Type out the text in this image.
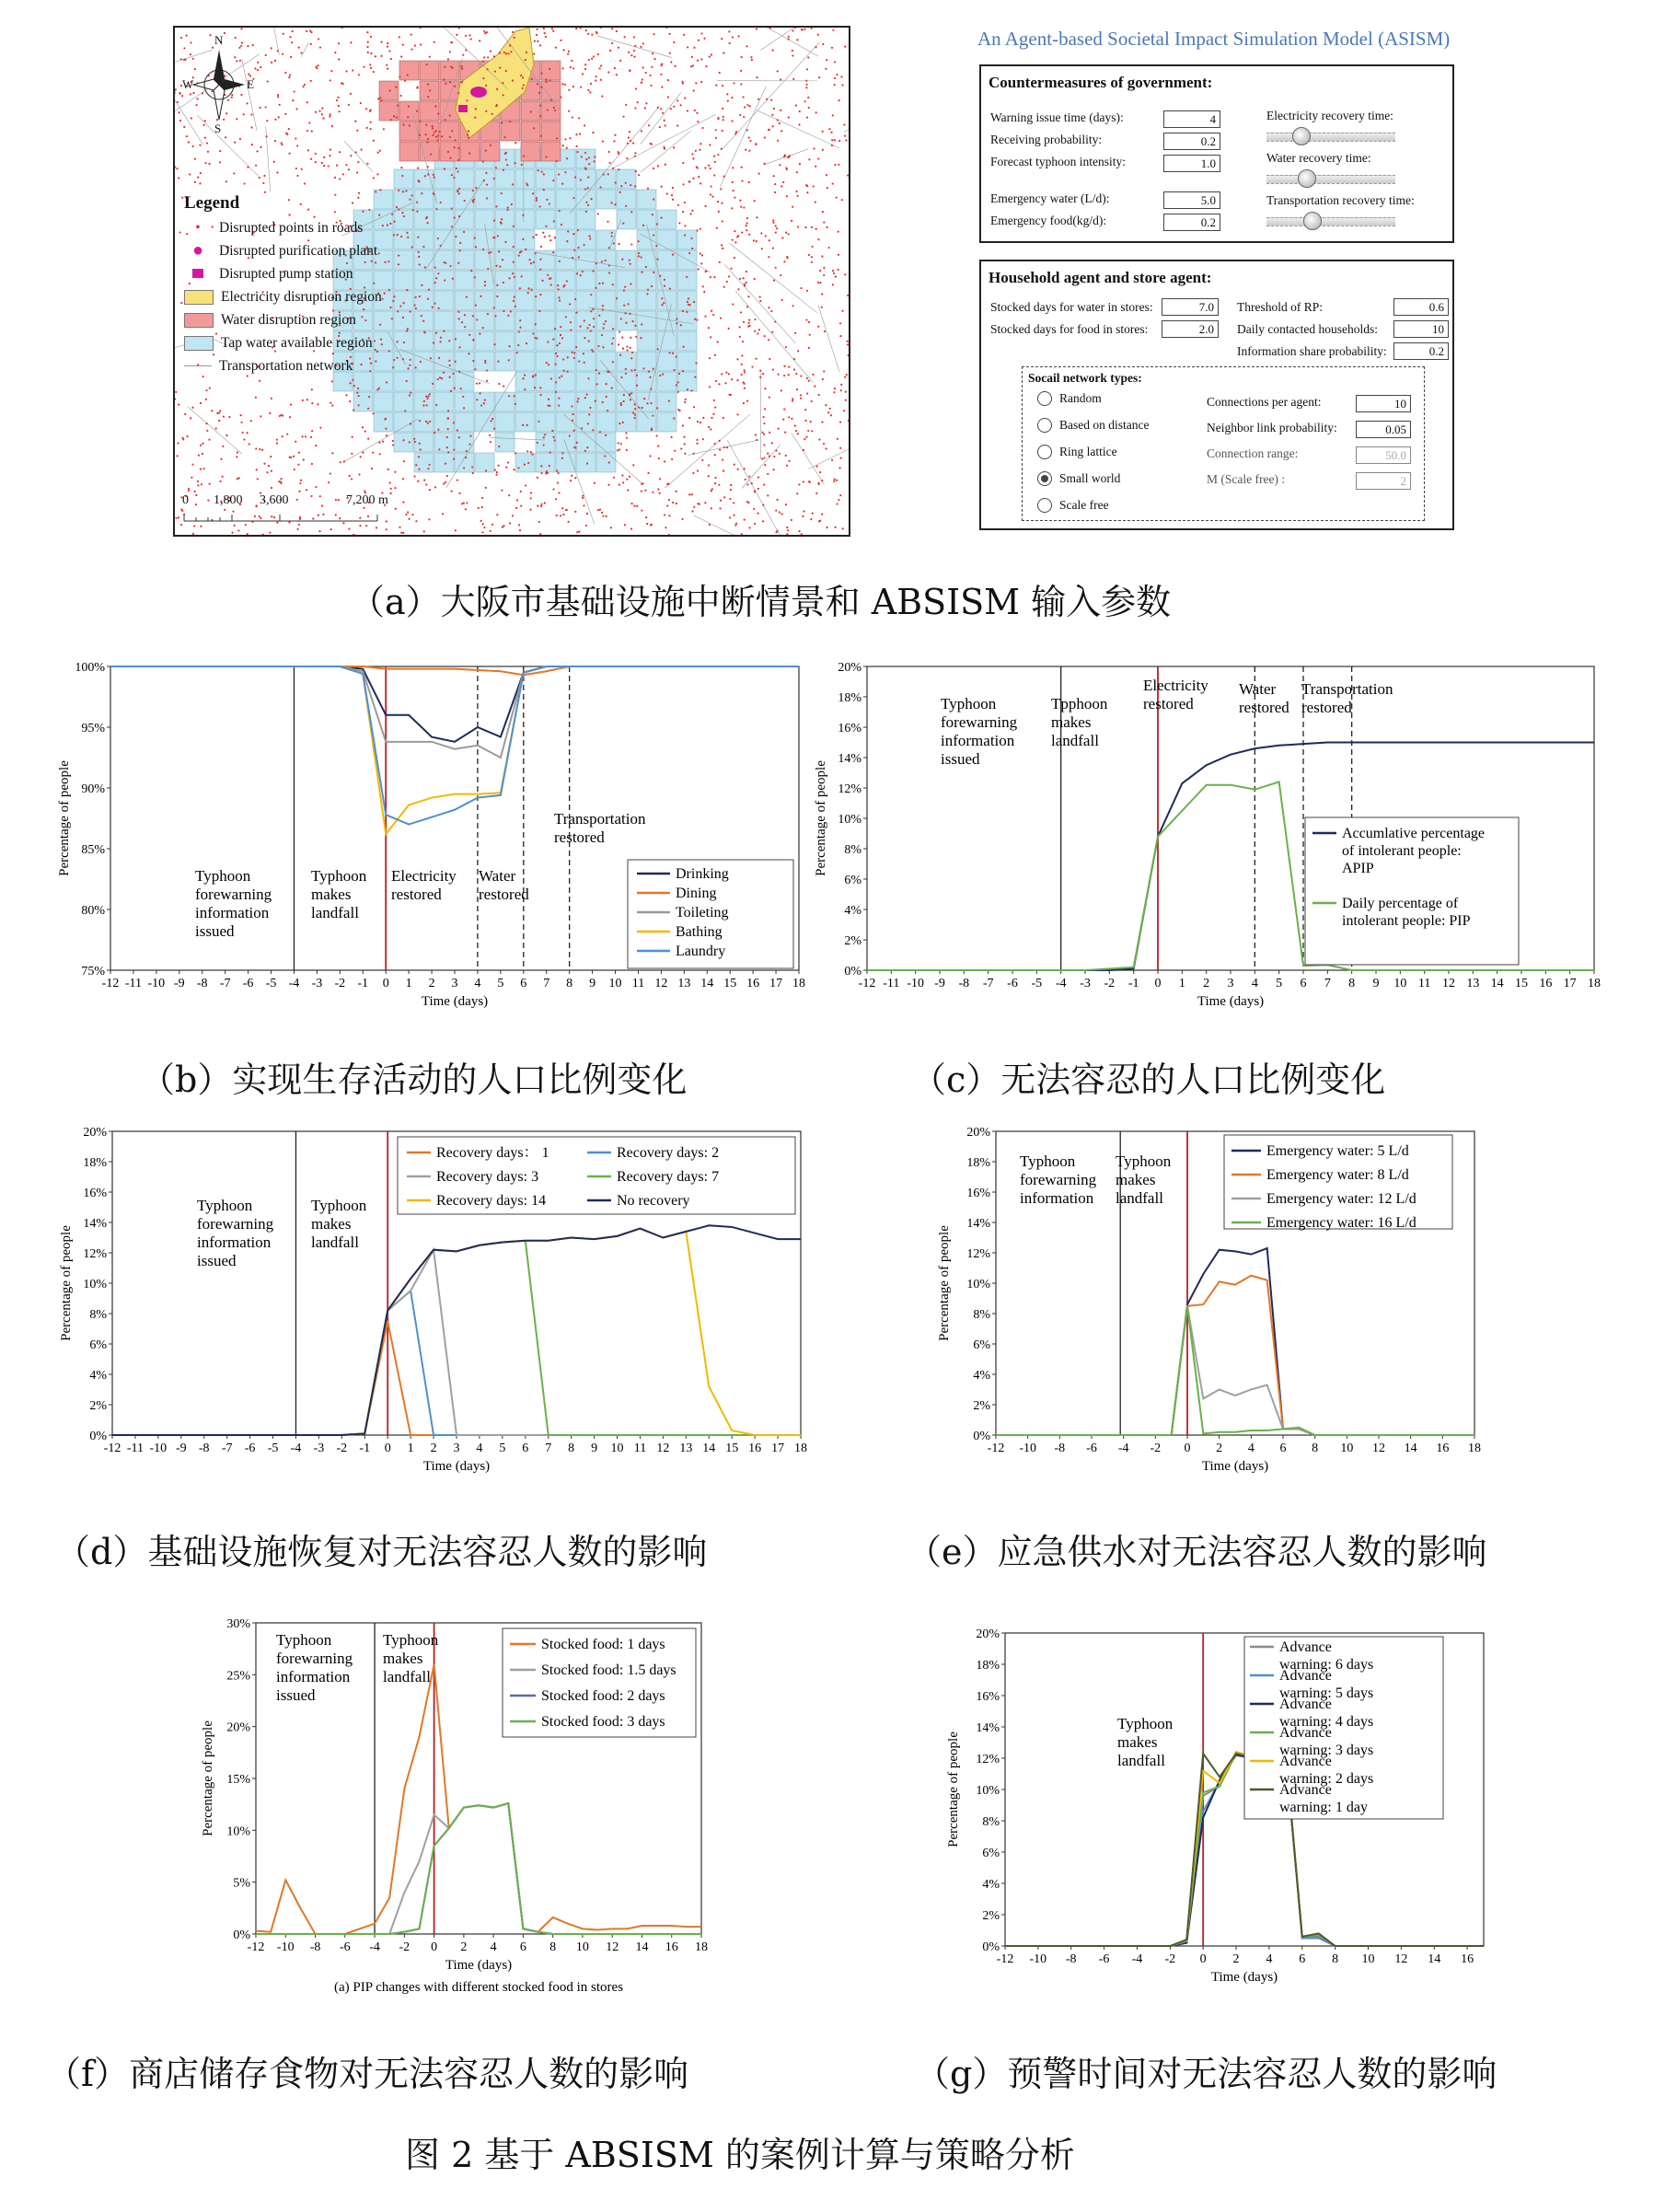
N
S
W	E
Legend
•	Disrupted points in roads
●	Disrupted purification plant
Disrupted pump station
Electricity disruption region
Water disruption region
Tap water available region
Transportation network
0 1,800 3,600	7,200 m
An Agent-based Societal Impact Simulation Model (ASISM)
Countermeasures of government:
Warning issue time (days):	4
Receiving probability:	0.2
Forecast typhoon intensity:	1.0
Emergency water (L/d):	5.0
Emergency food(kg/d):	0.2
Electricity recovery time:
Water recovery time:
Transportation recovery time:
Household agent and store agent:
Stocked days for water in stores:	7.0
Stocked days for food in stores:	2.0
Threshold of RP:	0.6
Daily contacted households:	10
Information share probability:	0.2
Socail network types:
Random
Based on distance
Ring lattice
Small world
Scale free
Connections per agent:	10
Neighbor link probability:	0.05
Connection range:	50.0
M (Scale free) :	2
（a）大阪市基础设施中断情景和 ABSISM 输入参数
75%
80%
85%
90%
95%
100%
-12 -11 -10 -9 -8 -7 -6 -5 -4 -3 -2 -1 0 1 2 3 4 5 6 7 8 9 10 11 12 13 14 15 16 17 18
Time (days)
Percentage of people	Typhoon forewarning information issued
Typhoon makes landfall
Electricity restored
Water restored
Transportation restored
Drinking
Dining
Toileting
Bathing
Laundry
0%
2%
4%
6%
8%
10%
12%
14%
16%
18%
20%
-12 -11 -10 -9 -8 -7 -6 -5 -4 -3 -2 -1 0 1 2 3 4 5 6 7 8 9 10 11 12 13 14 15 16 17 18
Time (days)
Percentage of people
Typhoon forewarning information issued
Tpphoon makes landfall
Electricity restored
Water restored
Transportation restored
Accumlative percentage of intolerant people: APIP
Daily percentage of intolerant people: PIP
（b）实现生存活动的人口比例变化	（c）无法容忍的人口比例变化
0%
2%
4%
6%
8%
10%
12%
14%
16%
18%
20%
-12 -11 -10 -9 -8 -7 -6 -5 -4 -3 -2 -1 0 1 2 3 4 5 6 7 8 9 10 11 12 13 14 15 16 17 18
Time (days)
Percentage of people
Typhoon forewarning information issued
Typhoon makes landfall
Recovery days： 1	Recovery days: 2
Recovery days: 3	Recovery days: 7
Recovery days: 14	No recovery
0%
2%
4%
6%
8%
10%
12%
14%
16%
18%
20%
-12 -10 -8 -6 -4 -2 0 2 4 6 8 10 12 14 16 18
Time (days)
Percentage of people
Typhoon forewarning information
Typhoon makes landfall
Emergency water: 5 L/d
Emergency water: 8 L/d
Emergency water: 12 L/d
Emergency water: 16 L/d
（d）基础设施恢复对无法容忍人数的影响	（e）应急供水对无法容忍人数的影响
0%
5%
10%
15%
20%
25%
30%
-12 -10 -8 -6 -4 -2 0 2 4 6 8 10 12 14 16 18
Time (days)
Percentage of people
Typhoon forewarning information issued
Typhoon makes landfall
Stocked food: 1 days
Stocked food: 1.5 days
Stocked food: 2 days
Stocked food: 3 days
(a) PIP changes with different stocked food in stores
0%
2%
4%
6%
8%
10%
12%
14%
16%
18%
20%
-12 -10 -8 -6 -4 -2 0 2 4 6 8 10 12 14 16
Time (days)
Percentage of people
Typhoon makes landfall
Advance warning: 6 days
Advance warning: 5 days
Advance warning: 4 days
Advance warning: 3 days
Advance warning: 2 days
Advance warning: 1 day
（f）商店储存食物对无法容忍人数的影响	（g）预警时间对无法容忍人数的影响
图 2 基于 ABSISM 的案例计算与策略分析
